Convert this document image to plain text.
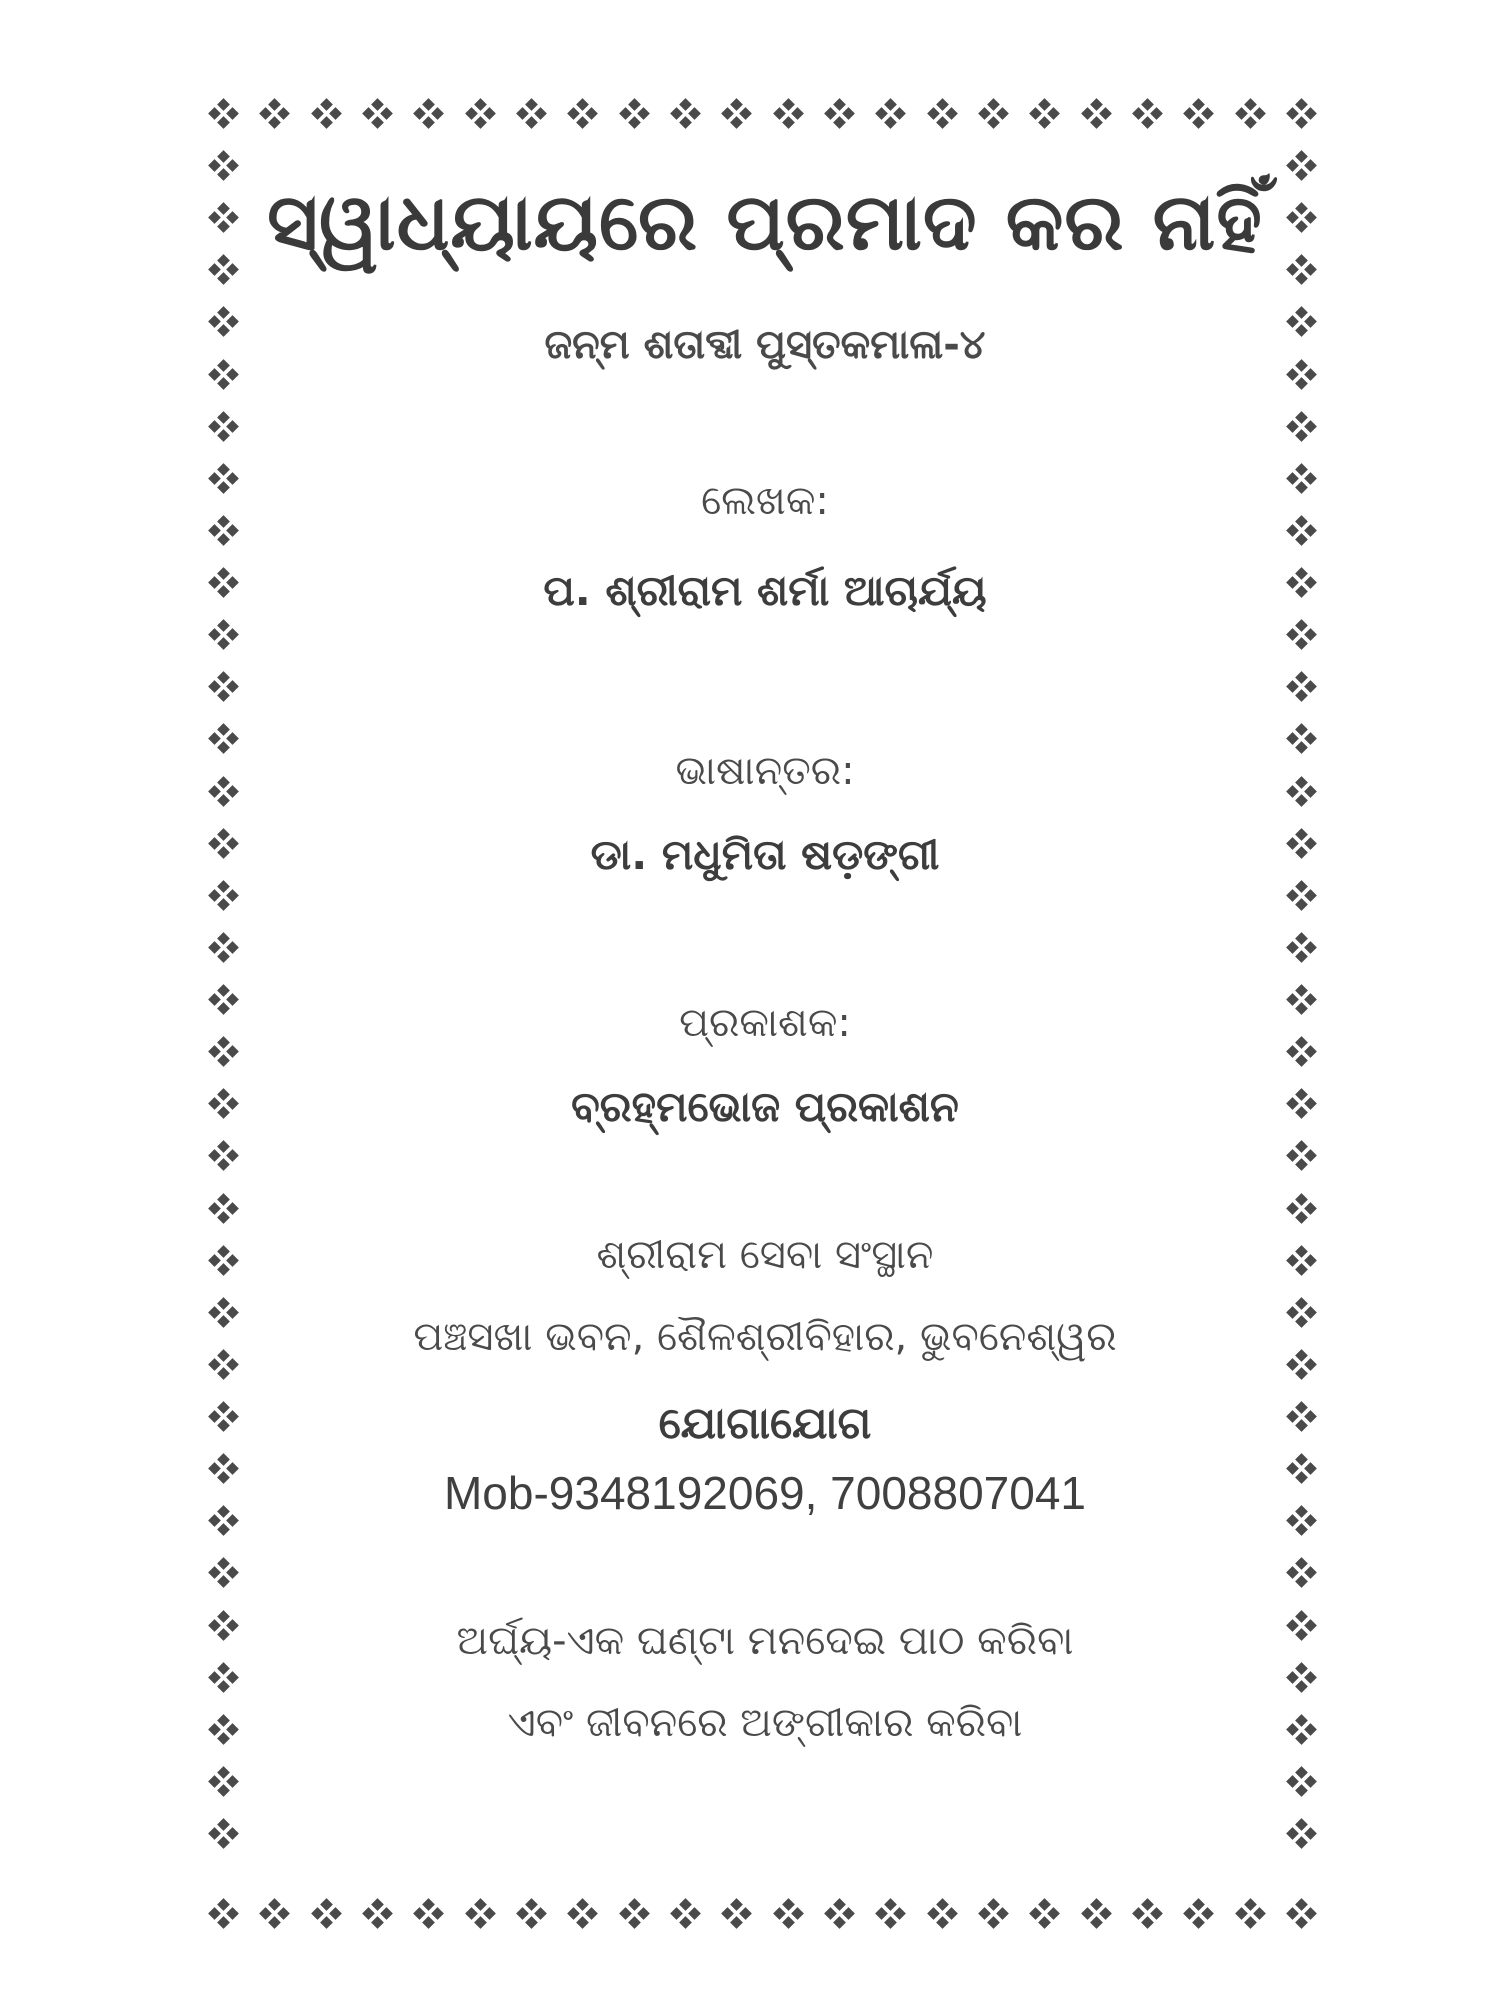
ସ୍ୱାଧ୍ୟାୟରେ ପ୍ରମାଦ କର ନାହିଁ
ଜନ୍ମ ଶତାବ୍ଦୀ ପୁସ୍ତକମାଳା-୪
ଲେଖକ:
ପ. ଶ୍ରୀରାମ ଶର୍ମା ଆଚାର୍ଯ୍ୟ
ଭାଷାନ୍ତର:
ଡା. ମଧୁମିତା ଷଡ଼ଙ୍ଗୀ
ପ୍ରକାଶକ:
ବ୍ରହ୍ମଭୋଜ ପ୍ରକାଶନ
ଶ୍ରୀରାମ ସେବା ସଂସ୍ଥାନ
ପଞ୍ଚସଖା ଭବନ, ଶୈଳଶ୍ରୀବିହାର, ଭୁବନେଶ୍ୱର
ଯୋଗାଯୋଗ
Mob-9348192069, 7008807041
ଅର୍ଘ୍ୟ-ଏକ ଘଣ୍ଟା ମନଦେଇ ପାଠ କରିବା
ଏବଂ ଜୀବନରେ ଅଙ୍ଗୀକାର କରିବା
